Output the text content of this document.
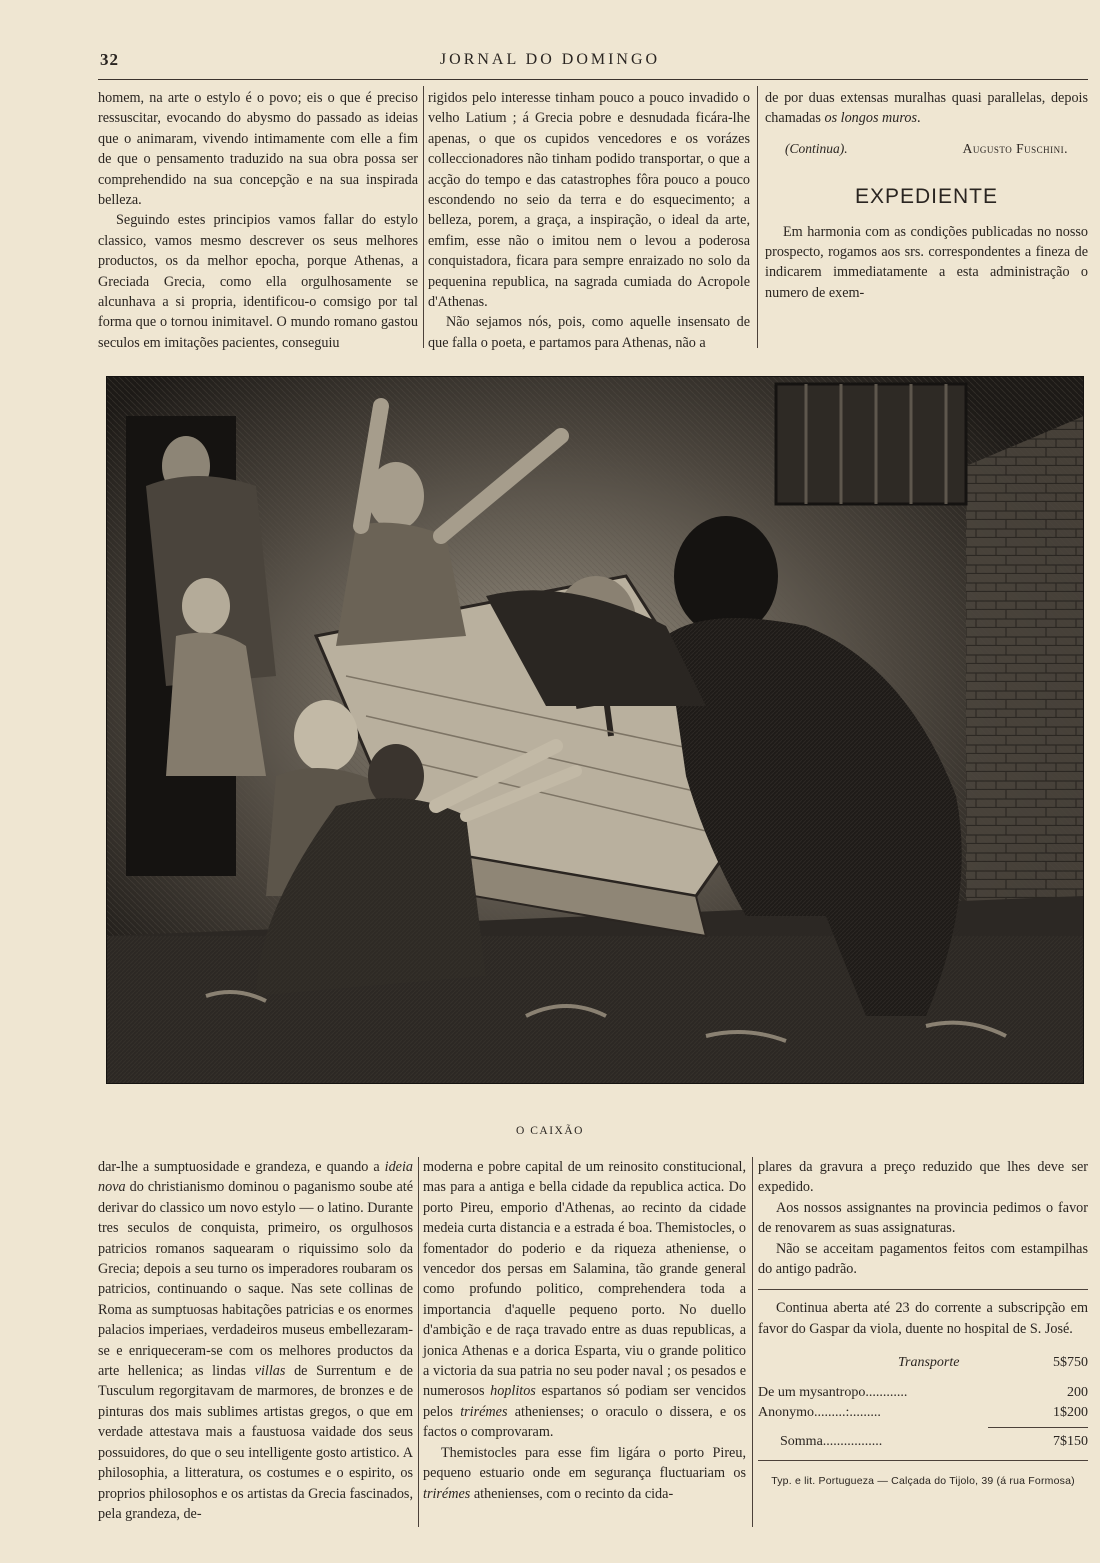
32	JORNAL DO DOMINGO

homem, na arte o estylo é o povo; eis o que é preciso ressuscitar, evocando do abysmo do passado as ideias que o animaram, vivendo intimamente com elle a fim de que o pensamento traduzido na sua obra possa ser comprehendido na sua concepção e na sua inspirada belleza.

Seguindo estes principios vamos fallar do estylo classico, vamos mesmo descrever os seus melhores productos, os da melhor epocha, porque Athenas, a Greciada Grecia, como ella orgulhosamente se alcunhava a si propria, identificou-o comsigo por tal forma que o tornou inimitavel. O mundo romano gastou seculos em imitações pacientes, conseguiu

rigidos pelo interesse tinham pouco a pouco invadido o velho Latium ; á Grecia pobre e desnudada ficára-lhe apenas, o que os cupidos vencedores e os vorázes colleccionadores não tinham podido transportar, o que a acção do tempo e das catastrophes fôra pouco a pouco escondendo no seio da terra e do esquecimento; a belleza, porem, a graça, a inspiração, o ideal da arte, emfim, esse não o imitou nem o levou a poderosa conquistadora, ficara para sempre enraizado no solo da pequenina republica, na sagrada cumiada do Acropole d'Athenas.

Não sejamos nós, pois, como aquelle insensato de que falla o poeta, e partamos para Athenas, não a

de por duas extensas muralhas quasi parallelas, depois chamadas os longos muros.

(Continua).	Augusto Fuschini.
EXPEDIENTE

Em harmonia com as condições publicadas no nosso prospecto, rogamos aos srs. correspondentes a fineza de indicarem immediatamente a esta administração o numero de exem-

O CAIXÃO

dar-lhe a sumptuosidade e grandeza, e quando a ideia nova do christianismo dominou o paganismo soube até derivar do classico um novo estylo — o latino. Durante tres seculos de conquista, primeiro, os orgulhosos patricios romanos saquearam o riquissimo solo da Grecia; depois a seu turno os imperadores roubaram os patricios, continuando o saque. Nas sete collinas de Roma as sumptuosas habitações patricias e os enormes palacios imperiaes, verdadeiros museus embellezaram-se e enriqueceram-se com os melhores productos da arte hellenica; as lindas villas de Surrentum e de Tusculum regorgitavam de marmores, de bronzes e de pinturas dos mais sublimes artistas gregos, o que em verdade attestava mais a faustuosa vaidade dos seus possuidores, do que o seu intelligente gosto artistico. A philosophia, a litteratura, os costumes e o espirito, os proprios philosophos e os artistas da Grecia fascinados, pela grandeza, de-

moderna e pobre capital de um reinosito constitucional, mas para a antiga e bella cidade da republica actica. Do porto Pireu, emporio d'Athenas, ao recinto da cidade medeia curta distancia e a estrada é boa. Themistocles, o fomentador do poderio e da riqueza atheniense, o vencedor dos persas em Salamina, tão grande general como profundo politico, comprehendera toda a importancia d'aquelle pequeno porto. No duello d'ambição e de raça travado entre as duas republicas, a jonica Athenas e a dorica Esparta, viu o grande politico a victoria da sua patria no seu poder naval ; os pesados e numerosos hoplitos espartanos só podiam ser vencidos pelos trirémes athenienses; o oraculo o dissera, e os factos o comprovaram.

Themistocles para esse fim ligára o porto Pireu, pequeno estuario onde em segurança fluctuariam os trirémes athenienses, com o recinto da cida-

plares da gravura a preço reduzido que lhes deve ser expedido.

Aos nossos assignantes na provincia pedimos o favor de renovarem as suas assignaturas.

Não se acceitam pagamentos feitos com estampilhas do antigo padrão.

Continua aberta até 23 do corrente a subscripção em favor do Gaspar da viola, duente no hospital de S. José.

Transporte	5$750
De um mysantropo............	200
Anonymo.........:.........	1$200
Somma.................	7$150
Typ. e lit. Portugueza — Calçada do Tijolo, 39 (á rua Formosa)
